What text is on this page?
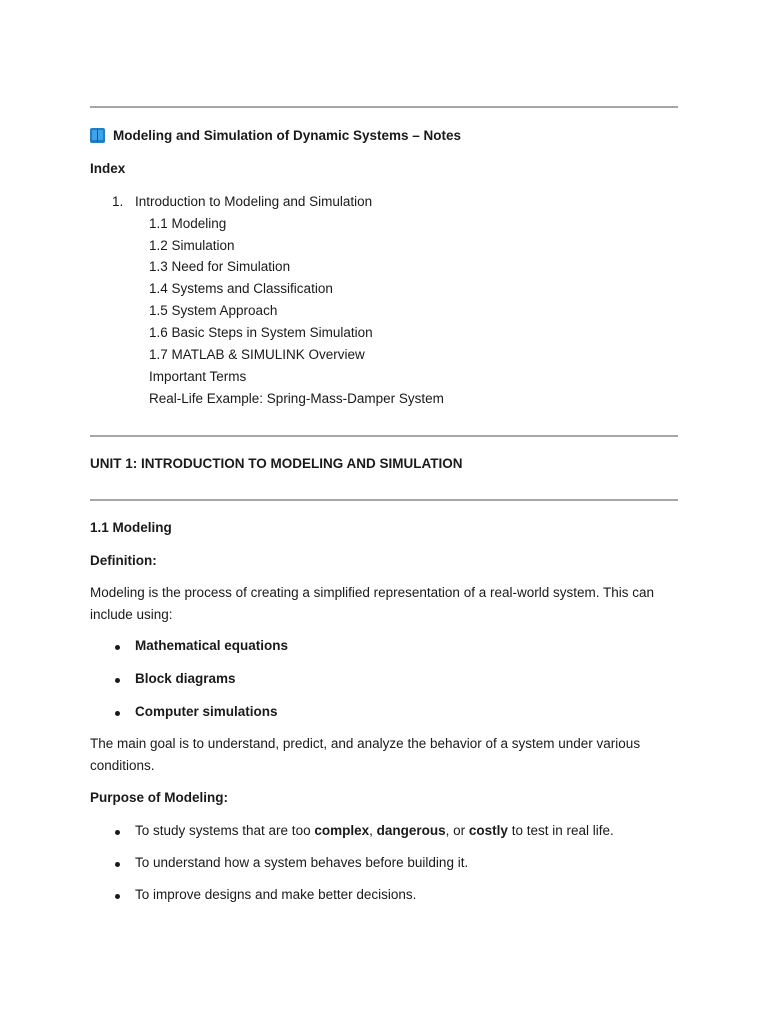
Modeling and Simulation of Dynamic Systems – Notes
Index
1. Introduction to Modeling and Simulation
1.1 Modeling
1.2 Simulation
1.3 Need for Simulation
1.4 Systems and Classification
1.5 System Approach
1.6 Basic Steps in System Simulation
1.7 MATLAB & SIMULINK Overview
Important Terms
Real-Life Example: Spring-Mass-Damper System
UNIT 1: INTRODUCTION TO MODELING AND SIMULATION
1.1 Modeling
Definition:
Modeling is the process of creating a simplified representation of a real-world system. This can include using:
Mathematical equations
Block diagrams
Computer simulations
The main goal is to understand, predict, and analyze the behavior of a system under various conditions.
Purpose of Modeling:
To study systems that are too complex, dangerous, or costly to test in real life.
To understand how a system behaves before building it.
To improve designs and make better decisions.
